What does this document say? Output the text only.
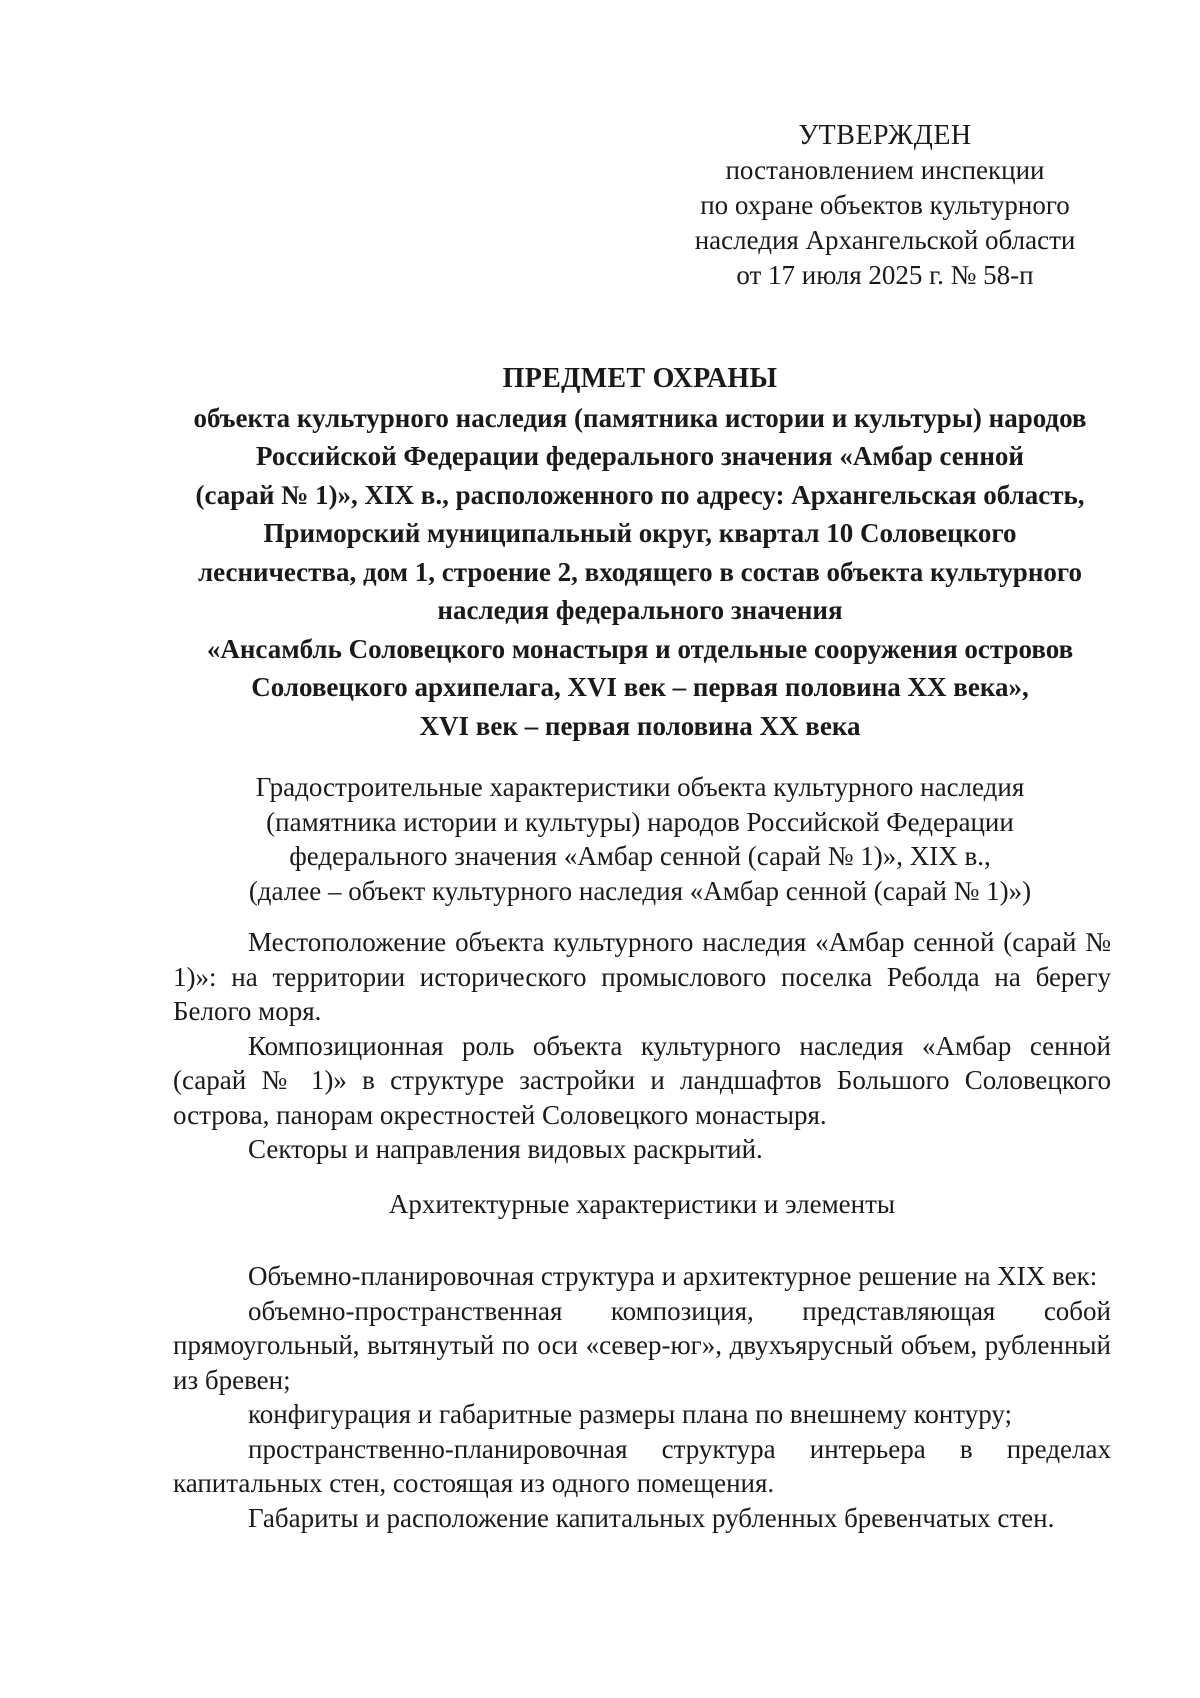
УТВЕРЖДЕН
постановлением инспекции
по охране объектов культурного
наследия Архангельской области
от 17 июля 2025 г. № 58-п
ПРЕДМЕТ ОХРАНЫ
объекта культурного наследия (памятника истории и культуры) народов
Российской Федерации федерального значения «Амбар сенной
(сарай № 1)», XIX в., расположенного по адресу: Архангельская область,
Приморский муниципальный округ, квартал 10 Соловецкого
лесничества, дом 1, строение 2, входящего в состав объекта культурного
наследия федерального значения
«Ансамбль Соловецкого монастыря и отдельные сооружения островов
Соловецкого архипелага, XVI век – первая половина XX века»,
XVI век – первая половина XX века
Градостроительные характеристики объекта культурного наследия
(памятника истории и культуры) народов Российской Федерации
федерального значения «Амбар сенной (сарай № 1)», XIX в.,
(далее – объект культурного наследия «Амбар сенной (сарай № 1)»)

Местоположение объекта культурного наследия «Амбар сенной (сарай № 1)»: на территории исторического промыслового поселка Реболда на берегу Белого моря.

Композиционная роль объекта культурного наследия «Амбар сенной (сарай № 1)» в структуре застройки и ландшафтов Большого Соловецкого острова, панорам окрестностей Соловецкого монастыря.

Секторы и направления видовых раскрытий.

Архитектурные характеристики и элементы

Объемно-планировочная структура и архитектурное решение на XIX век:

объемно-пространственная композиция, представляющая собой прямоугольный, вытянутый по оси «север-юг», двухъярусный объем, рубленный из бревен;

конфигурация и габаритные размеры плана по внешнему контуру;

пространственно-планировочная структура интерьера в пределах капитальных стен, состоящая из одного помещения.

Габариты и расположение капитальных рубленных бревенчатых стен.
